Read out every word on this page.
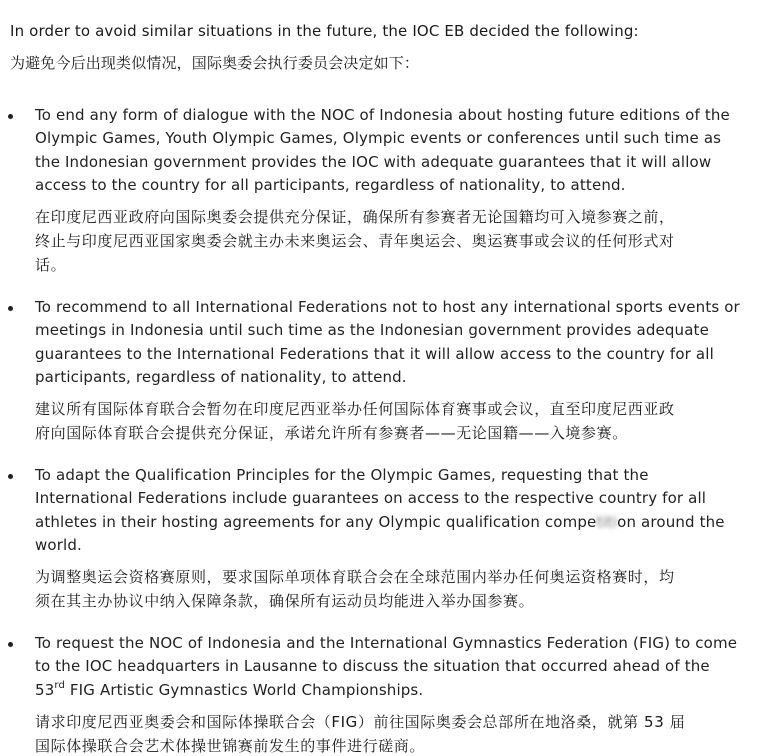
In order to avoid similar situations in the future, the IOC EB decided the following:
为避免今后出现类似情况，国际奥委会执行委员会决定如下：
To end any form of dialogue with the NOC of Indonesia about hosting future editions of the
Olympic Games, Youth Olympic Games, Olympic events or conferences until such time as
the Indonesian government provides the IOC with adequate guarantees that it will allow
access to the country for all participants, regardless of nationality, to attend.
在印度尼西亚政府向国际奥委会提供充分保证，确保所有参赛者无论国籍均可入境参赛之前，
终止与印度尼西亚国家奥委会就主办未来奥运会、青年奥运会、奥运赛事或会议的任何形式对
话。
To recommend to all International Federations not to host any international sports events or
meetings in Indonesia until such time as the Indonesian government provides adequate
guarantees to the International Federations that it will allow access to the country for all
participants, regardless of nationality, to attend.
建议所有国际体育联合会暂勿在印度尼西亚举办任何国际体育赛事或会议，直至印度尼西亚政
府向国际体育联合会提供充分保证，承诺允许所有参赛者——无论国籍——入境参赛。
To adapt the Qualification Principles for the Olympic Games, requesting that the
International Federations include guarantees on access to the respective country for all
athletes in their hosting agreements for any Olympic qualification competition around the
world.
为调整奥运会资格赛原则，要求国际单项体育联合会在全球范围内举办任何奥运资格赛时，均
须在其主办协议中纳入保障条款，确保所有运动员均能进入举办国参赛。
To request the NOC of Indonesia and the International Gymnastics Federation (FIG) to come
to the IOC headquarters in Lausanne to discuss the situation that occurred ahead of the
53rd FIG Artistic Gymnastics World Championships.
请求印度尼西亚奥委会和国际体操联合会（FIG）前往国际奥委会总部所在地洛桑，就第 53 届
国际体操联合会艺术体操世锦赛前发生的事件进行磋商。
